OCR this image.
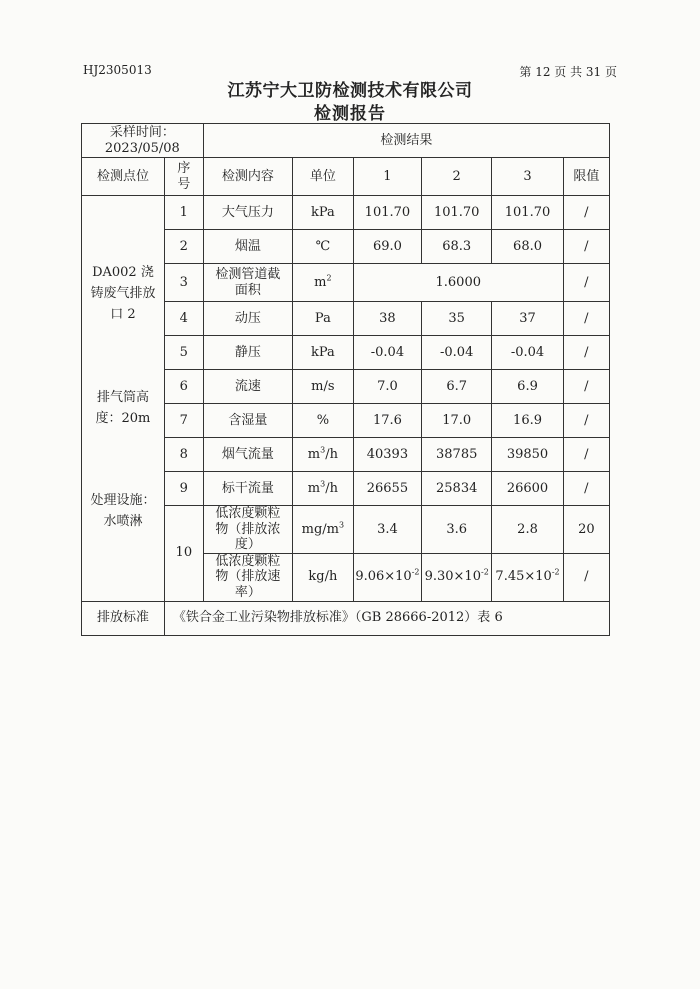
HJ2305013	第 12 页 共 31 页
江苏宁大卫防检测技术有限公司
检测报告
采样时间：
2023/05/08		检测结果					
检测点位	序号	检测内容	单位	1	2	3	限值

DA002 浇铸废气排放口 2
排气筒高度：20m
处理设施：水喷淋	1	大气压力	kPa	101.70	101.70	101.70	/
	2	烟温	℃	69.0	68.3	68.0	/
	3	检测管道截面积	$m^2$	1.6000			/
	4	动压	Pa	38	35	37	/
	5	静压	kPa	-0.04	-0.04	-0.04	/
	6	流速	m/s	7.0	6.7	6.9	/
	7	含湿量	%	17.6	17.0	16.9	/
	8	烟气流量	$m^3/h$	40393	38785	39850	/
	9	标干流量	$m^3/h$	26655	25834	26600	/
	10	低浓度颗粒物（排放浓度）	$mg/m^3$	3.4	3.6	2.8	20
		低浓度颗粒物（排放速率）	kg/h	$9.06\times 10^{-2}$	$9.30\times 10^{-2}$	$7.45\times 10^{-2}$	/
排放标准	《铁合金工业污染物排放标准》（GB 28666-2012）表 6						
